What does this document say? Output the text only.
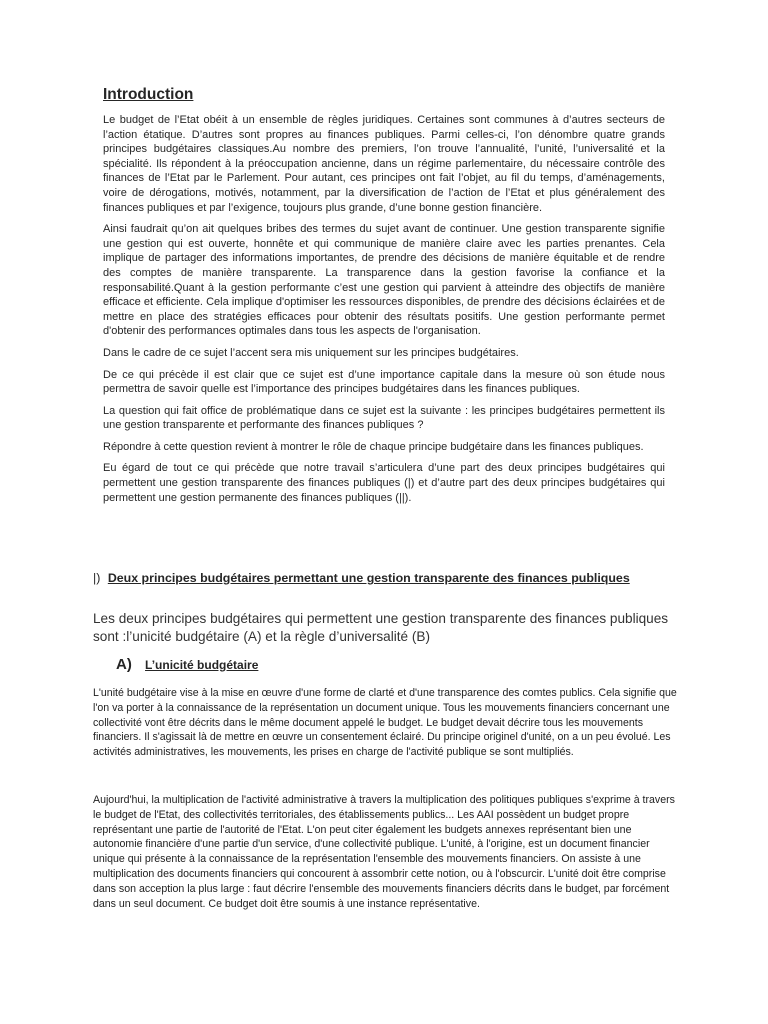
Introduction

Le budget de l’Etat obéit à un ensemble de règles juridiques. Certaines sont communes à d’autres secteurs de l’action étatique. D’autres sont propres au finances publiques. Parmi celles-ci, l’on dénombre quatre grands principes budgétaires classiques.Au nombre des premiers, l’on trouve l’annualité, l’unité, l’universalité et la spécialité. Ils répondent à la préoccupation ancienne, dans un régime parlementaire, du nécessaire contrôle des finances de l’Etat par le Parlement. Pour autant, ces principes ont fait l’objet, au fil du temps, d’aménagements, voire de dérogations, motivés, notamment, par la diversification de l’action de l’Etat et plus généralement des finances publiques et par l’exigence, toujours plus grande, d’une bonne gestion financière.

Ainsi faudrait qu’on ait quelques bribes des termes du sujet avant de continuer. Une gestion transparente signifie une gestion qui est ouverte, honnête et qui communique de manière claire avec les parties prenantes. Cela implique de partager des informations importantes, de prendre des décisions de manière équitable et de rendre des comptes de manière transparente. La transparence dans la gestion favorise la confiance et la responsabilité.Quant à la gestion performante c’est une gestion qui parvient à atteindre des objectifs de manière efficace et efficiente. Cela implique d'optimiser les ressources disponibles, de prendre des décisions éclairées et de mettre en place des stratégies efficaces pour obtenir des résultats positifs. Une gestion performante permet d'obtenir des performances optimales dans tous les aspects de l'organisation.

Dans le cadre de ce sujet l’accent sera mis uniquement sur les principes budgétaires.

De ce qui précède il est clair que ce sujet est d’une importance capitale dans la mesure où son étude nous permettra de savoir quelle est l’importance des principes budgétaires dans les finances publiques.

La question qui fait office de problématique dans ce sujet est la suivante : les principes budgétaires permettent ils une gestion transparente et performante des finances publiques ?

Répondre à cette question revient à montrer le rôle de chaque principe budgétaire dans les finances publiques.

Eu égard de tout ce qui précède que notre travail s’articulera d’une part des deux principes budgétaires qui permettent une gestion transparente des finances publiques (|) et d’autre part des deux principes budgétaires qui permettent une gestion permanente des finances publiques (||).

|) Deux principes budgétaires permettant une gestion transparente des finances publiques

Les deux principes budgétaires qui permettent une gestion transparente des finances publiques sont :l’unicité budgétaire (A) et la règle d’universalité (B)

A) L’unicité budgétaire

L'unité budgétaire vise à la mise en œuvre d'une forme de clarté et d'une transparence des comtes publics. Cela signifie que l'on va porter à la connaissance de la représentation un document unique. Tous les mouvements financiers concernant une collectivité vont être décrits dans le même document appelé le budget. Le budget devait décrire tous les mouvements financiers. Il s'agissait là de mettre en œuvre un consentement éclairé. Du principe originel d'unité, on a un peu évolué. Les activités administratives, les mouvements, les prises en charge de l'activité publique se sont multipliés.

Aujourd'hui, la multiplication de l'activité administrative à travers la multiplication des politiques publiques s'exprime à travers le budget de l'Etat, des collectivités territoriales, des établissements publics... Les AAI possèdent un budget propre représentant une partie de l'autorité de l'Etat. L'on peut citer également les budgets annexes représentant bien une autonomie financière d'une partie d'un service, d'une collectivité publique. L'unité, à l'origine, est un document financier unique qui présente à la connaissance de la représentation l'ensemble des mouvements financiers. On assiste à une multiplication des documents financiers qui concourent à assombrir cette notion, ou à l'obscurcir. L'unité doit être comprise dans son acception la plus large : faut décrire l'ensemble des mouvements financiers décrits dans le budget, par forcément dans un seul document. Ce budget doit être soumis à une instance représentative.
